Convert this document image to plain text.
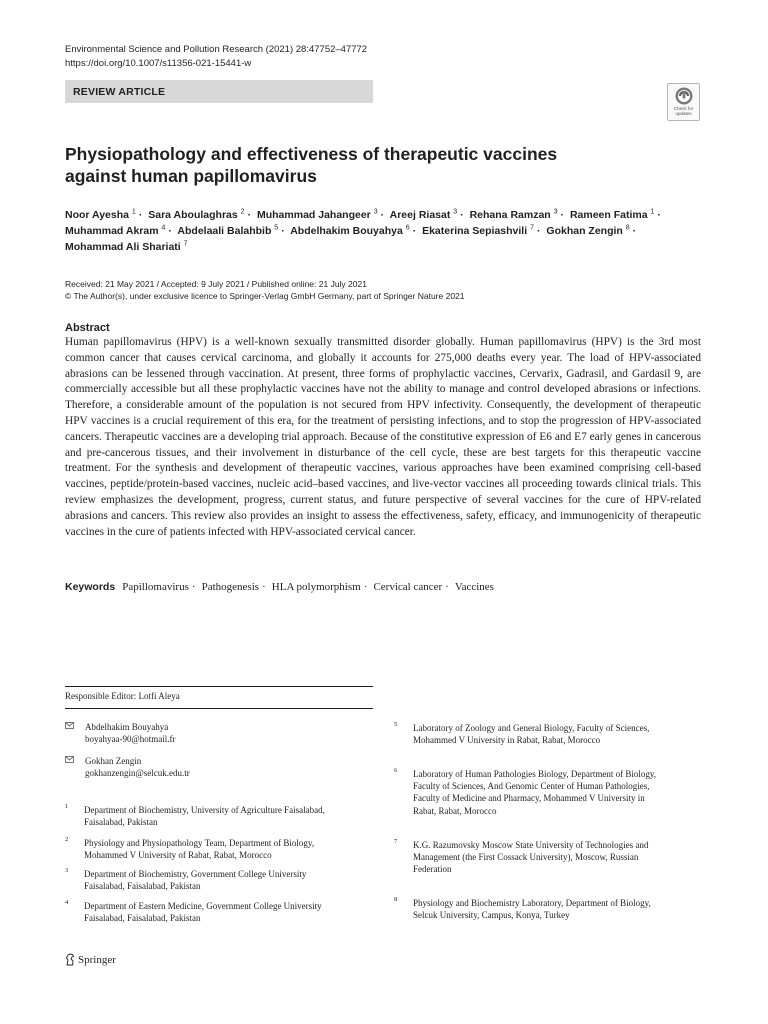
Environmental Science and Pollution Research (2021) 28:47752–47772
https://doi.org/10.1007/s11356-021-15441-w
REVIEW ARTICLE
Check for
updates
Physiopathology and effectiveness of therapeutic vaccines
against human papillomavirus
Noor Ayesha $^1$ · Sara Aboulaghras $^2$ · Muhammad Jahangeer $^3$ · Areej Riasat $^3$ · Rehana Ramzan $^3$ · Rameen Fatima $^1$ ·
Muhammad Akram $^4$ · Abdelaali Balahbib $^5$ · Abdelhakim Bouyahya $^6$ · Ekaterina Sepiashvili $^7$ · Gokhan Zengin $^8$ ·
Mohammad Ali Shariati $^7$
Received: 21 May 2021 / Accepted: 9 July 2021 / Published online: 21 July 2021
© The Author(s), under exclusive licence to Springer-Verlag GmbH Germany, part of Springer Nature 2021
Abstract
Human papillomavirus (HPV) is a well-known sexually transmitted disorder globally. Human papillomavirus (HPV) is the 3rd most common cancer that causes cervical carcinoma, and globally it accounts for 275,000 deaths every year. The load of HPV-associated abrasions can be lessened through vaccination. At present, three forms of prophylactic vaccines, Cervarix, Gadrasil, and Gardasil 9, are commercially accessible but all these prophylactic vaccines have not the ability to manage and control developed abrasions or infections. Therefore, a considerable amount of the population is not secured from HPV infectivity. Consequently, the development of therapeutic HPV vaccines is a crucial requirement of this era, for the treatment of persisting infections, and to stop the progression of HPV-associated cancers. Therapeutic vaccines are a developing trial approach. Because of the constitutive expression of E6 and E7 early genes in cancerous and pre-cancerous tissues, and their involvement in disturbance of the cell cycle, these are best targets for this therapeutic vaccine treatment. For the synthesis and development of therapeutic vaccines, various approaches have been examined comprising cell-based vaccines, peptide/protein-based vaccines, nucleic acid–based vaccines, and live-vector vaccines all proceeding towards clinical trials. This review emphasizes the development, progress, current status, and future perspective of several vaccines for the cure of HPV-related abrasions and cancers. This review also provides an insight to assess the effectiveness, safety, efficacy, and immunogenicity of therapeutic vaccines in the cure of patients infected with HPV-associated cervical cancer.
Keywords Papillomavirus · Pathogenesis · HLA polymorphism · Cervical cancer · Vaccines
Responsible Editor: Lotfi Aleya
Abdelhakim Bouyahya
boyahyaa-90@hotmail.fr
Gokhan Zengin
gokhanzengin@selcuk.edu.tr
1 Department of Biochemistry, University of Agriculture Faisalabad,
Faisalabad, Pakistan
2 Physiology and Physiopathology Team, Department of Biology,
Mohammed V University of Rabat, Rabat, Morocco
3 Department of Biochemistry, Government College University
Faisalabad, Faisalabad, Pakistan
4 Department of Eastern Medicine, Government College University
Faisalabad, Faisalabad, Pakistan
5 Laboratory of Zoology and General Biology, Faculty of Sciences,
Mohammed V University in Rabat, Rabat, Morocco
6 Laboratory of Human Pathologies Biology, Department of Biology,
Faculty of Sciences, And Genomic Center of Human Pathologies,
Faculty of Medicine and Pharmacy, Mohammed V University in
Rabat, Rabat, Morocco
7 K.G. Razumovsky Moscow State University of Technologies and
Management (the First Cossack University), Moscow, Russian
Federation
8 Physiology and Biochemistry Laboratory, Department of Biology,
Selcuk University, Campus, Konya, Turkey
Springer
